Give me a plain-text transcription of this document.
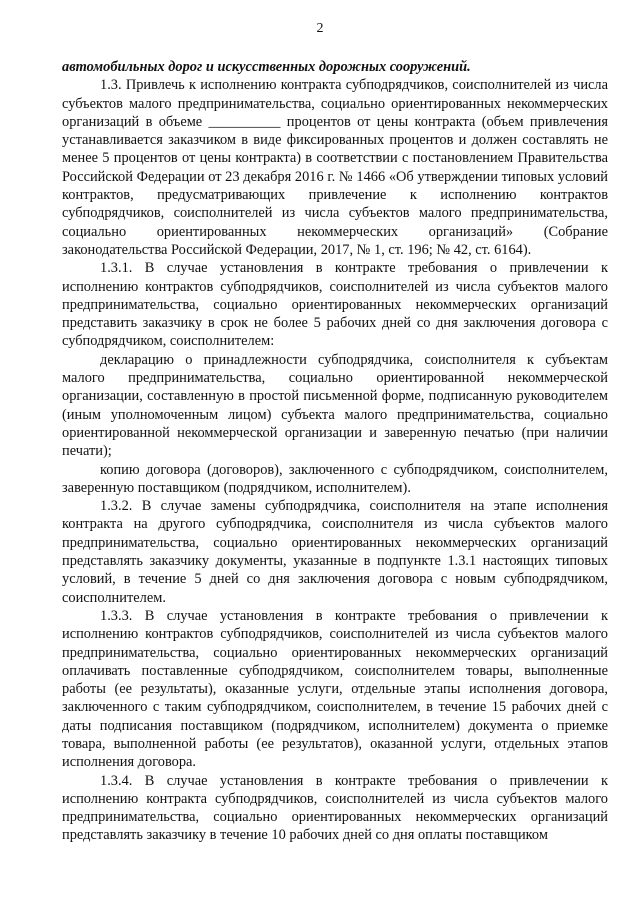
2

автомобильных дорог и искусственных дорожных сооружений.

1.3. Привлечь к исполнению контракта субподрядчиков, соисполнителей из числа субъектов малого предпринимательства, социально ориентированных некоммерческих организаций в объеме __________ процентов от цены контракта (объем привлечения устанавливается заказчиком в виде фиксированных процентов и должен составлять не менее 5 процентов от цены контракта) в соответствии с постановлением Правительства Российской Федерации от 23 декабря 2016 г. № 1466 «Об утверждении типовых условий контрактов, предусматривающих привлечение к исполнению контрактов субподрядчиков, соисполнителей из числа субъектов малого предпринимательства, социально ориентированных некоммерческих организаций» (Собрание законодательства Российской Федерации, 2017, № 1, ст. 196; № 42, ст. 6164).

1.3.1. В случае установления в контракте требования о привлечении к исполнению контрактов субподрядчиков, соисполнителей из числа субъектов малого предпринимательства, социально ориентированных некоммерческих организаций представить заказчику в срок не более 5 рабочих дней со дня заключения договора с субподрядчиком, соисполнителем:

декларацию о принадлежности субподрядчика, соисполнителя к субъектам малого предпринимательства, социально ориентированной некоммерческой организации, составленную в простой письменной форме, подписанную руководителем (иным уполномоченным лицом) субъекта малого предпринимательства, социально ориентированной некоммерческой организации и заверенную печатью (при наличии печати);

копию договора (договоров), заключенного с субподрядчиком, соисполнителем, заверенную поставщиком (подрядчиком, исполнителем).

1.3.2. В случае замены субподрядчика, соисполнителя на этапе исполнения контракта на другого субподрядчика, соисполнителя из числа субъектов малого предпринимательства, социально ориентированных некоммерческих организаций представлять заказчику документы, указанные в подпункте 1.3.1 настоящих типовых условий, в течение 5 дней со дня заключения договора с новым субподрядчиком, соисполнителем.

1.3.3. В случае установления в контракте требования о привлечении к исполнению контрактов субподрядчиков, соисполнителей из числа субъектов малого предпринимательства, социально ориентированных некоммерческих организаций оплачивать поставленные субподрядчиком, соисполнителем товары, выполненные работы (ее результаты), оказанные услуги, отдельные этапы исполнения договора, заключенного с таким субподрядчиком, соисполнителем, в течение 15 рабочих дней с даты подписания поставщиком (подрядчиком, исполнителем) документа о приемке товара, выполненной работы (ее результатов), оказанной услуги, отдельных этапов исполнения договора.

1.3.4. В случае установления в контракте требования о привлечении к исполнению контракта субподрядчиков, соисполнителей из числа субъектов малого предпринимательства, социально ориентированных некоммерческих организаций представлять заказчику в течение 10 рабочих дней со дня оплаты поставщиком
